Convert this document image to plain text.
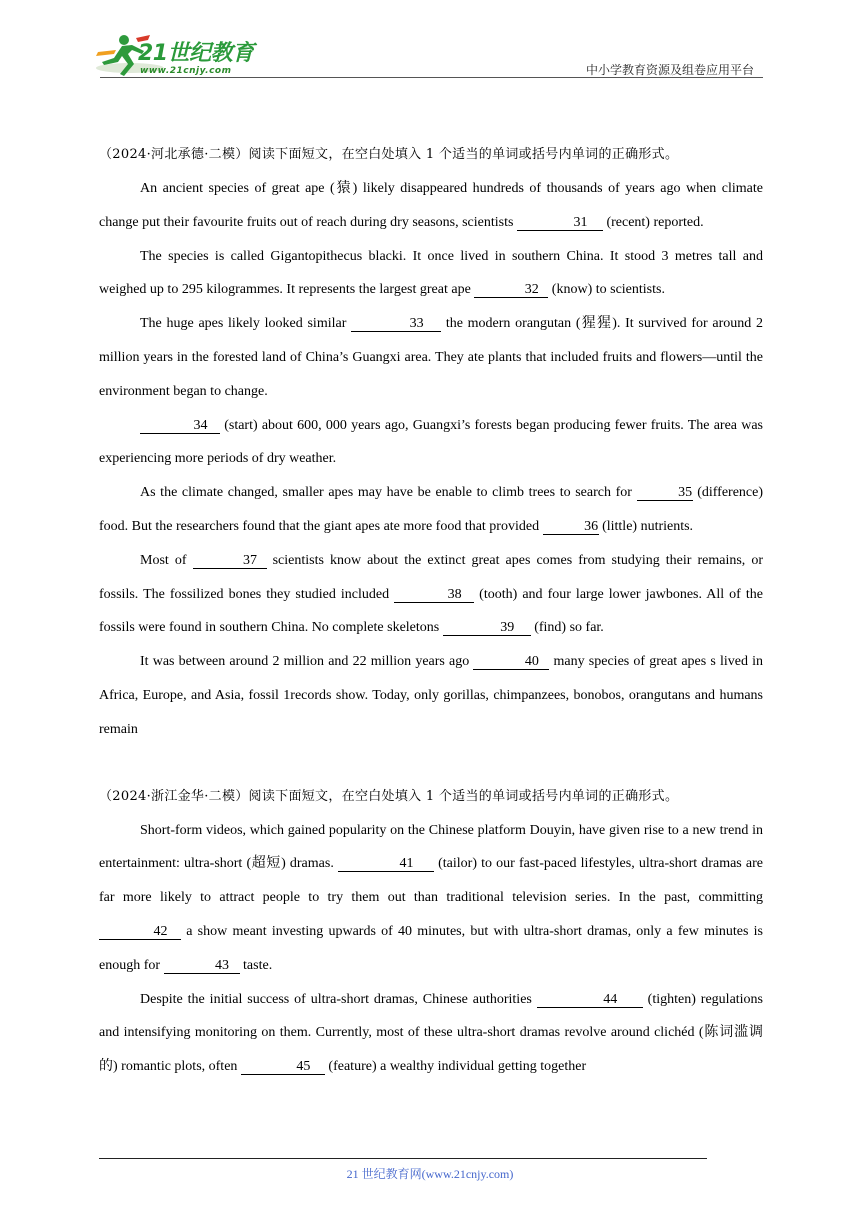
21世纪教育
www.21cnjy.com	中小学教育资源及组卷应用平台
（2024·河北承德·二模）阅读下面短文，在空白处填入 1 个适当的单词或括号内单词的正确形式。

An ancient species of great ape (猿) likely disappeared hundreds of thousands of years ago when climate change put their favourite fruits out of reach during dry seasons, scientists	31 (recent) reported.

The species is called Gigantopithecus blacki. It once lived in southern China. It stood 3 metres tall and weighed up to 295 kilogrammes. It represents the largest great ape	32 (know) to scientists.

The huge apes likely looked similar	33 the modern orangutan (猩猩). It survived for around 2 million years in the forested land of China’s Guangxi area. They ate plants that included fruits and flowers—until the environment began to change.

34 (start) about 600, 000 years ago, Guangxi’s forests began producing fewer fruits. The area was experiencing more periods of dry weather.

As the climate changed, smaller apes may have be enable to climb trees to search for	35 (difference) food. But the researchers found that the giant apes ate more food that provided	36 (little) nutrients.

Most of	37 scientists know about the extinct great apes comes from studying their remains, or fossils. The fossilized bones they studied included	38 (tooth) and four large lower jawbones. All of the fossils were found in southern China. No complete skeletons	39 (find) so far.

It was between around 2 million and 22 million years ago	40 many species of great apes s lived in Africa, Europe, and Asia, fossil 1records show. Today, only gorillas, chimpanzees, bonobos, orangutans and humans remain

（2024·浙江金华·二模）阅读下面短文，在空白处填入 1 个适当的单词或括号内单词的正确形式。

Short-form videos, which gained popularity on the Chinese platform Douyin, have given rise to a new trend in entertainment: ultra-short (超短) dramas.	41 (tailor) to our fast-paced lifestyles, ultra-short dramas are far more likely to attract people to try them out than traditional television series. In the past, committing 42 a show meant investing upwards of 40 minutes, but with ultra-short dramas, only a few minutes is enough for	43 taste.

Despite the initial success of ultra-short dramas, Chinese authorities	44 (tighten) regulations and intensifying monitoring on them. Currently, most of these ultra-short dramas revolve around clichéd (陈词滥调的) romantic plots, often	45 (feature) a wealthy individual getting together

21 世纪教育网(www.21cnjy.com)
